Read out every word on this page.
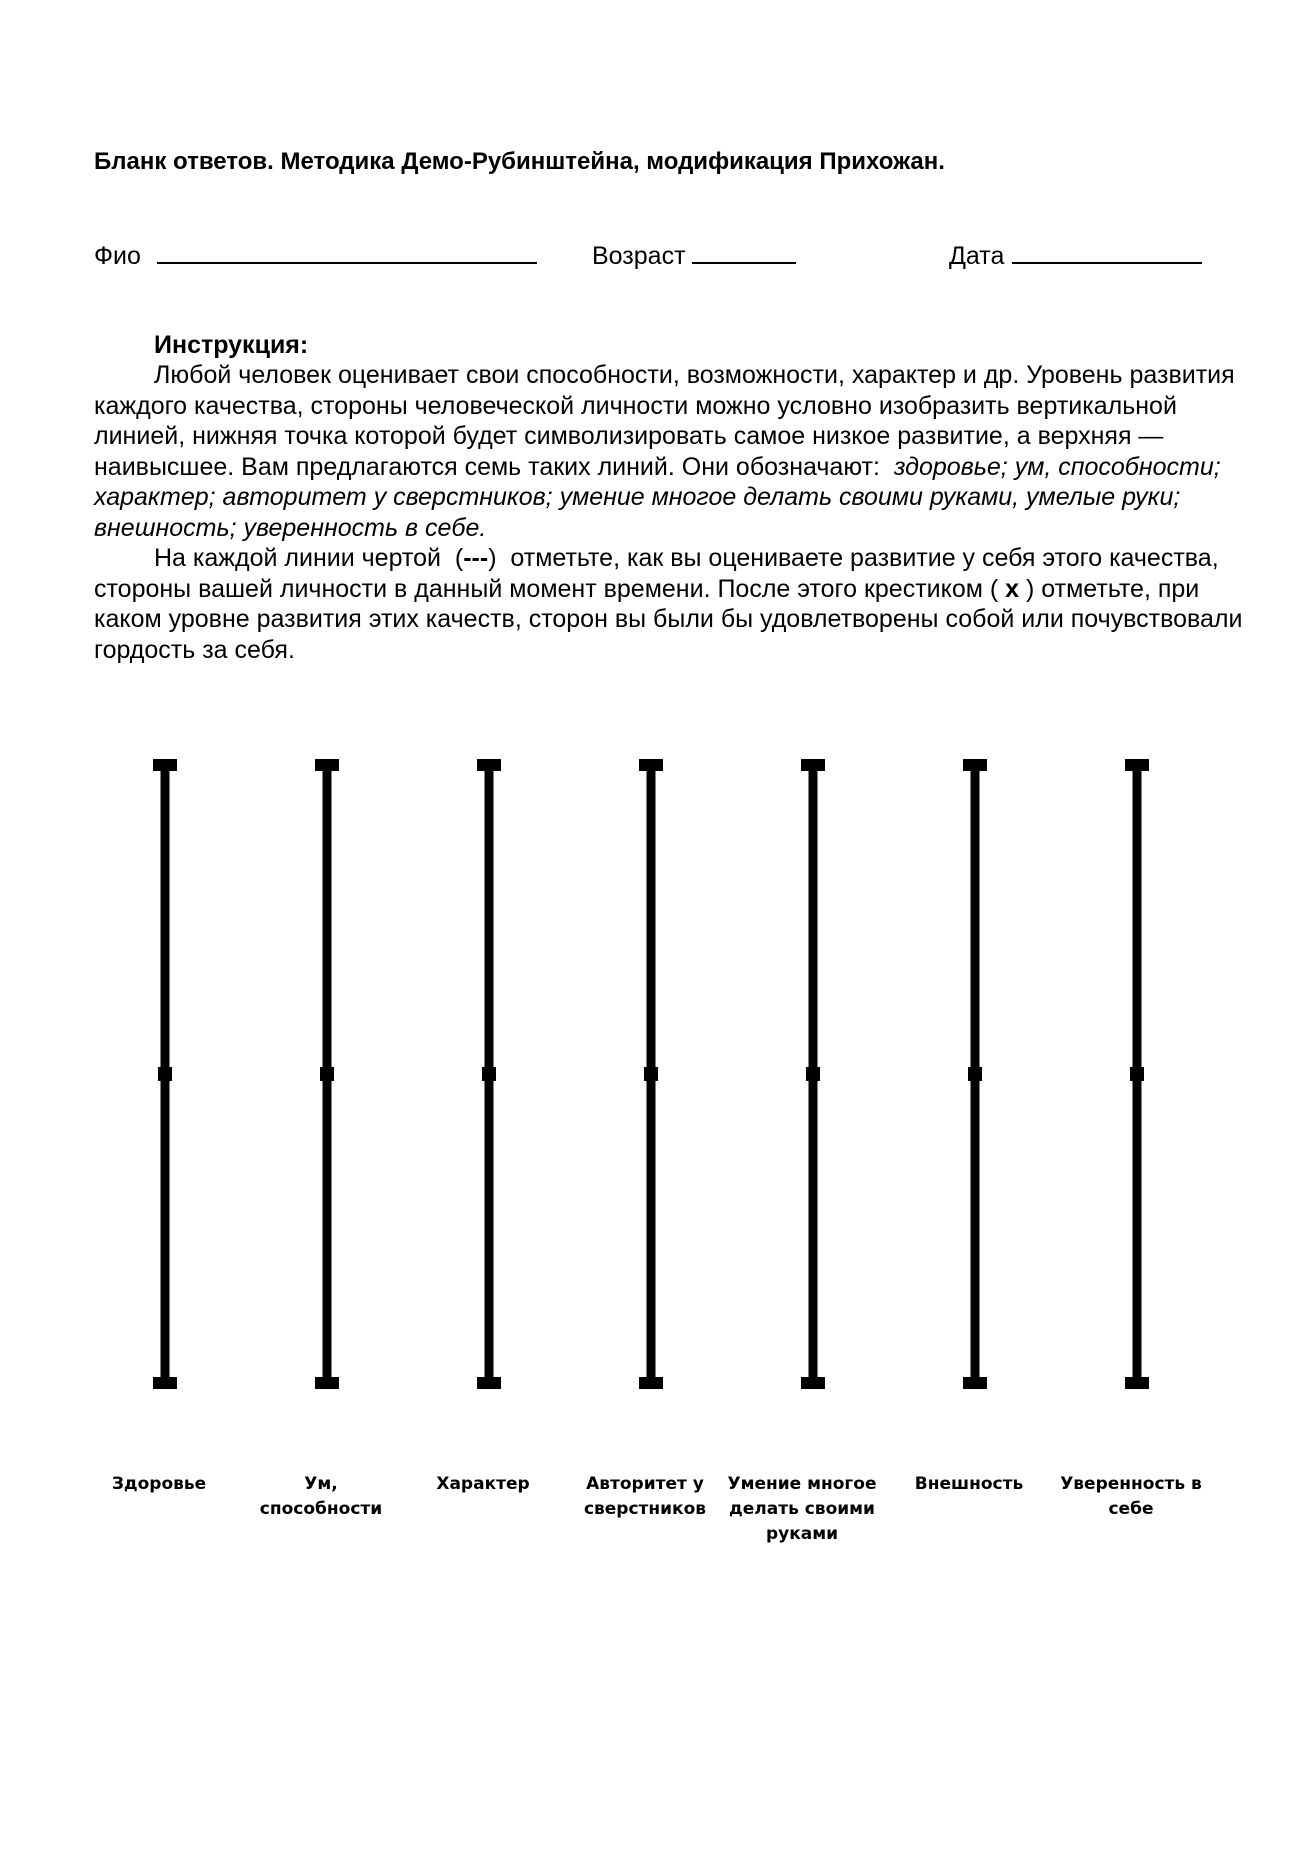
Бланк ответов. Методика Демо-Рубинштейна, модификация Прихожан.
Фио	Возраст	Дата
Инструкция:

Любой человек оценивает свои способности, возможности, характер и др. Уровень развития каждого качества, стороны человеческой личности можно условно изобразить вертикальной линией, нижняя точка которой будет символизировать самое низкое развитие, а верхняя — наивысшее. Вам предлагаются семь таких линий. Они обозначают: здоровье; ум, способности; характер; авторитет у сверстников; умение многое делать своими руками, умелые руки; внешность; уверенность в себе.

На каждой линии чертой  (---)  отметьте, как вы оцениваете развитие у себя этого качества, стороны вашей личности в данный момент времени. После этого крестиком ( x ) отметьте, при каком уровне развития этих качеств, сторон вы были бы удовлетворены собой или почувствовали гордость за себя.

Здоровье	Ум, способности
Характер	Авторитет у сверстников
Умение многое делать своими руками
Внешность	Уверенность в себе
